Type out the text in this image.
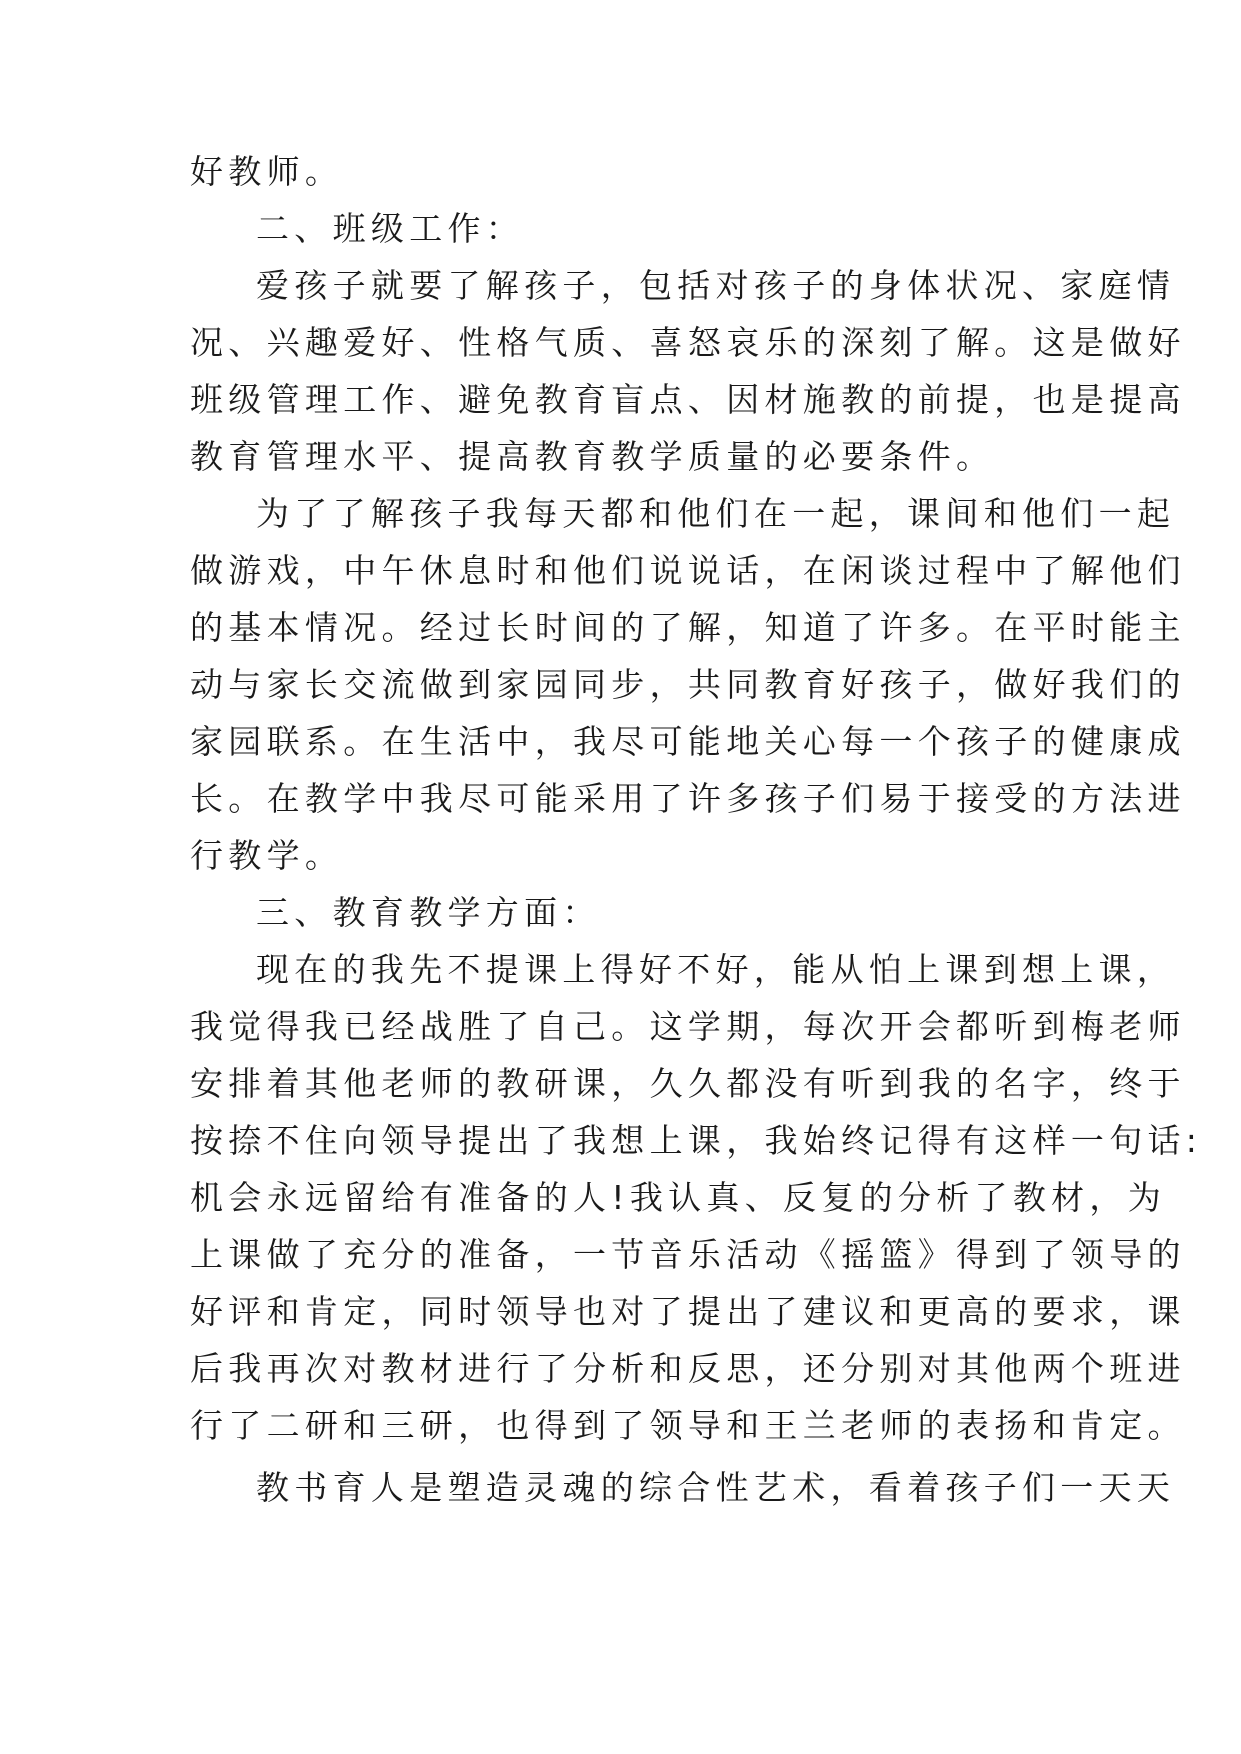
好教师。
二、班级工作：
爱孩子就要了解孩子，包括对孩子的身体状况、家庭情
况、兴趣爱好、性格气质、喜怒哀乐的深刻了解。这是做好
班级管理工作、避免教育盲点、因材施教的前提，也是提高
教育管理水平、提高教育教学质量的必要条件。
为了了解孩子我每天都和他们在一起，课间和他们一起
做游戏，中午休息时和他们说说话，在闲谈过程中了解他们
的基本情况。经过长时间的了解，知道了许多。在平时能主
动与家长交流做到家园同步，共同教育好孩子，做好我们的
家园联系。在生活中，我尽可能地关心每一个孩子的健康成
长。在教学中我尽可能采用了许多孩子们易于接受的方法进
行教学。
三、教育教学方面：
现在的我先不提课上得好不好，能从怕上课到想上课，
我觉得我已经战胜了自己。这学期，每次开会都听到梅老师
安排着其他老师的教研课，久久都没有听到我的名字，终于
按捺不住向领导提出了我想上课，我始终记得有这样一句话:
机会永远留给有准备的人!我认真、反复的分析了教材，为
上课做了充分的准备，一节音乐活动《摇篮》得到了领导的
好评和肯定，同时领导也对了提出了建议和更高的要求，课
后我再次对教材进行了分析和反思，还分别对其他两个班进
行了二研和三研，也得到了领导和王兰老师的表扬和肯定。
教书育人是塑造灵魂的综合性艺术，看着孩子们一天天
